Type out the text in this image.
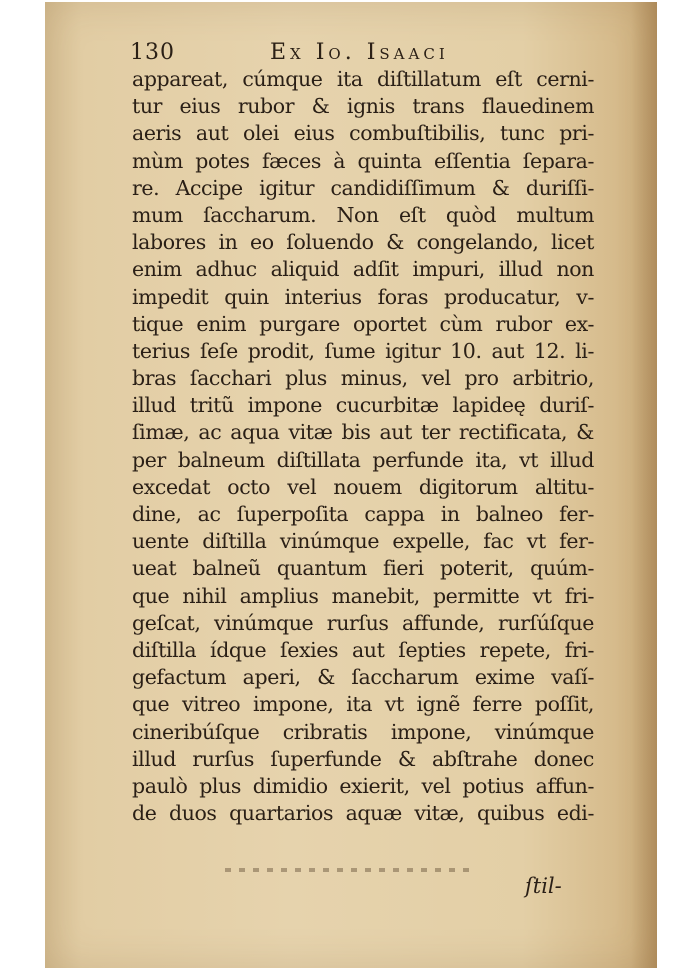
130	Ex Io. Isaaci
appareat, cúmque ita diſtillatum eſt cerni-
tur eius rubor & ignis trans flauedinem
aeris aut olei eius combuſtibilis, tunc pri-
mùm potes fæces à quinta eſſentia ſepara-
re. Accipe igitur candidiſſimum & duriſſi-
mum ſaccharum. Non eſt quòd multum
labores in eo ſoluendo & congelando, licet
enim adhuc aliquid adſit impuri, illud non
impedit quin interius foras producatur, v-
tique enim purgare oportet cùm rubor ex-
terius ſeſe prodit, ſume igitur 10. aut 12. li-
bras ſacchari plus minus, vel pro arbitrio,
illud tritũ impone cucurbitæ lapideę duriſ-
ſimæ, ac aqua vitæ bis aut ter rectificata, &
per balneum diſtillata perfunde ita, vt illud
excedat octo vel nouem digitorum altitu-
dine, ac ſuperpoſita cappa in balneo fer-
uente diſtilla vinúmque expelle, fac vt fer-
ueat balneũ quantum fieri poterit, quúm-
que nihil amplius manebit, permitte vt fri-
geſcat, vinúmque rurſus affunde, rurſúſque
diſtilla ídque ſexies aut ſepties repete, fri-
gefactum aperi, & ſaccharum exime vaſí-
que vitreo impone, ita vt ignẽ ferre poſſit,
cineribúſque cribratis impone, vinúmque
illud rurſus ſuperfunde & abſtrahe donec
paulò plus dimidio exierit, vel potius affun-
de duos quartarios aquæ vitæ, quibus edi-
ſtil-
